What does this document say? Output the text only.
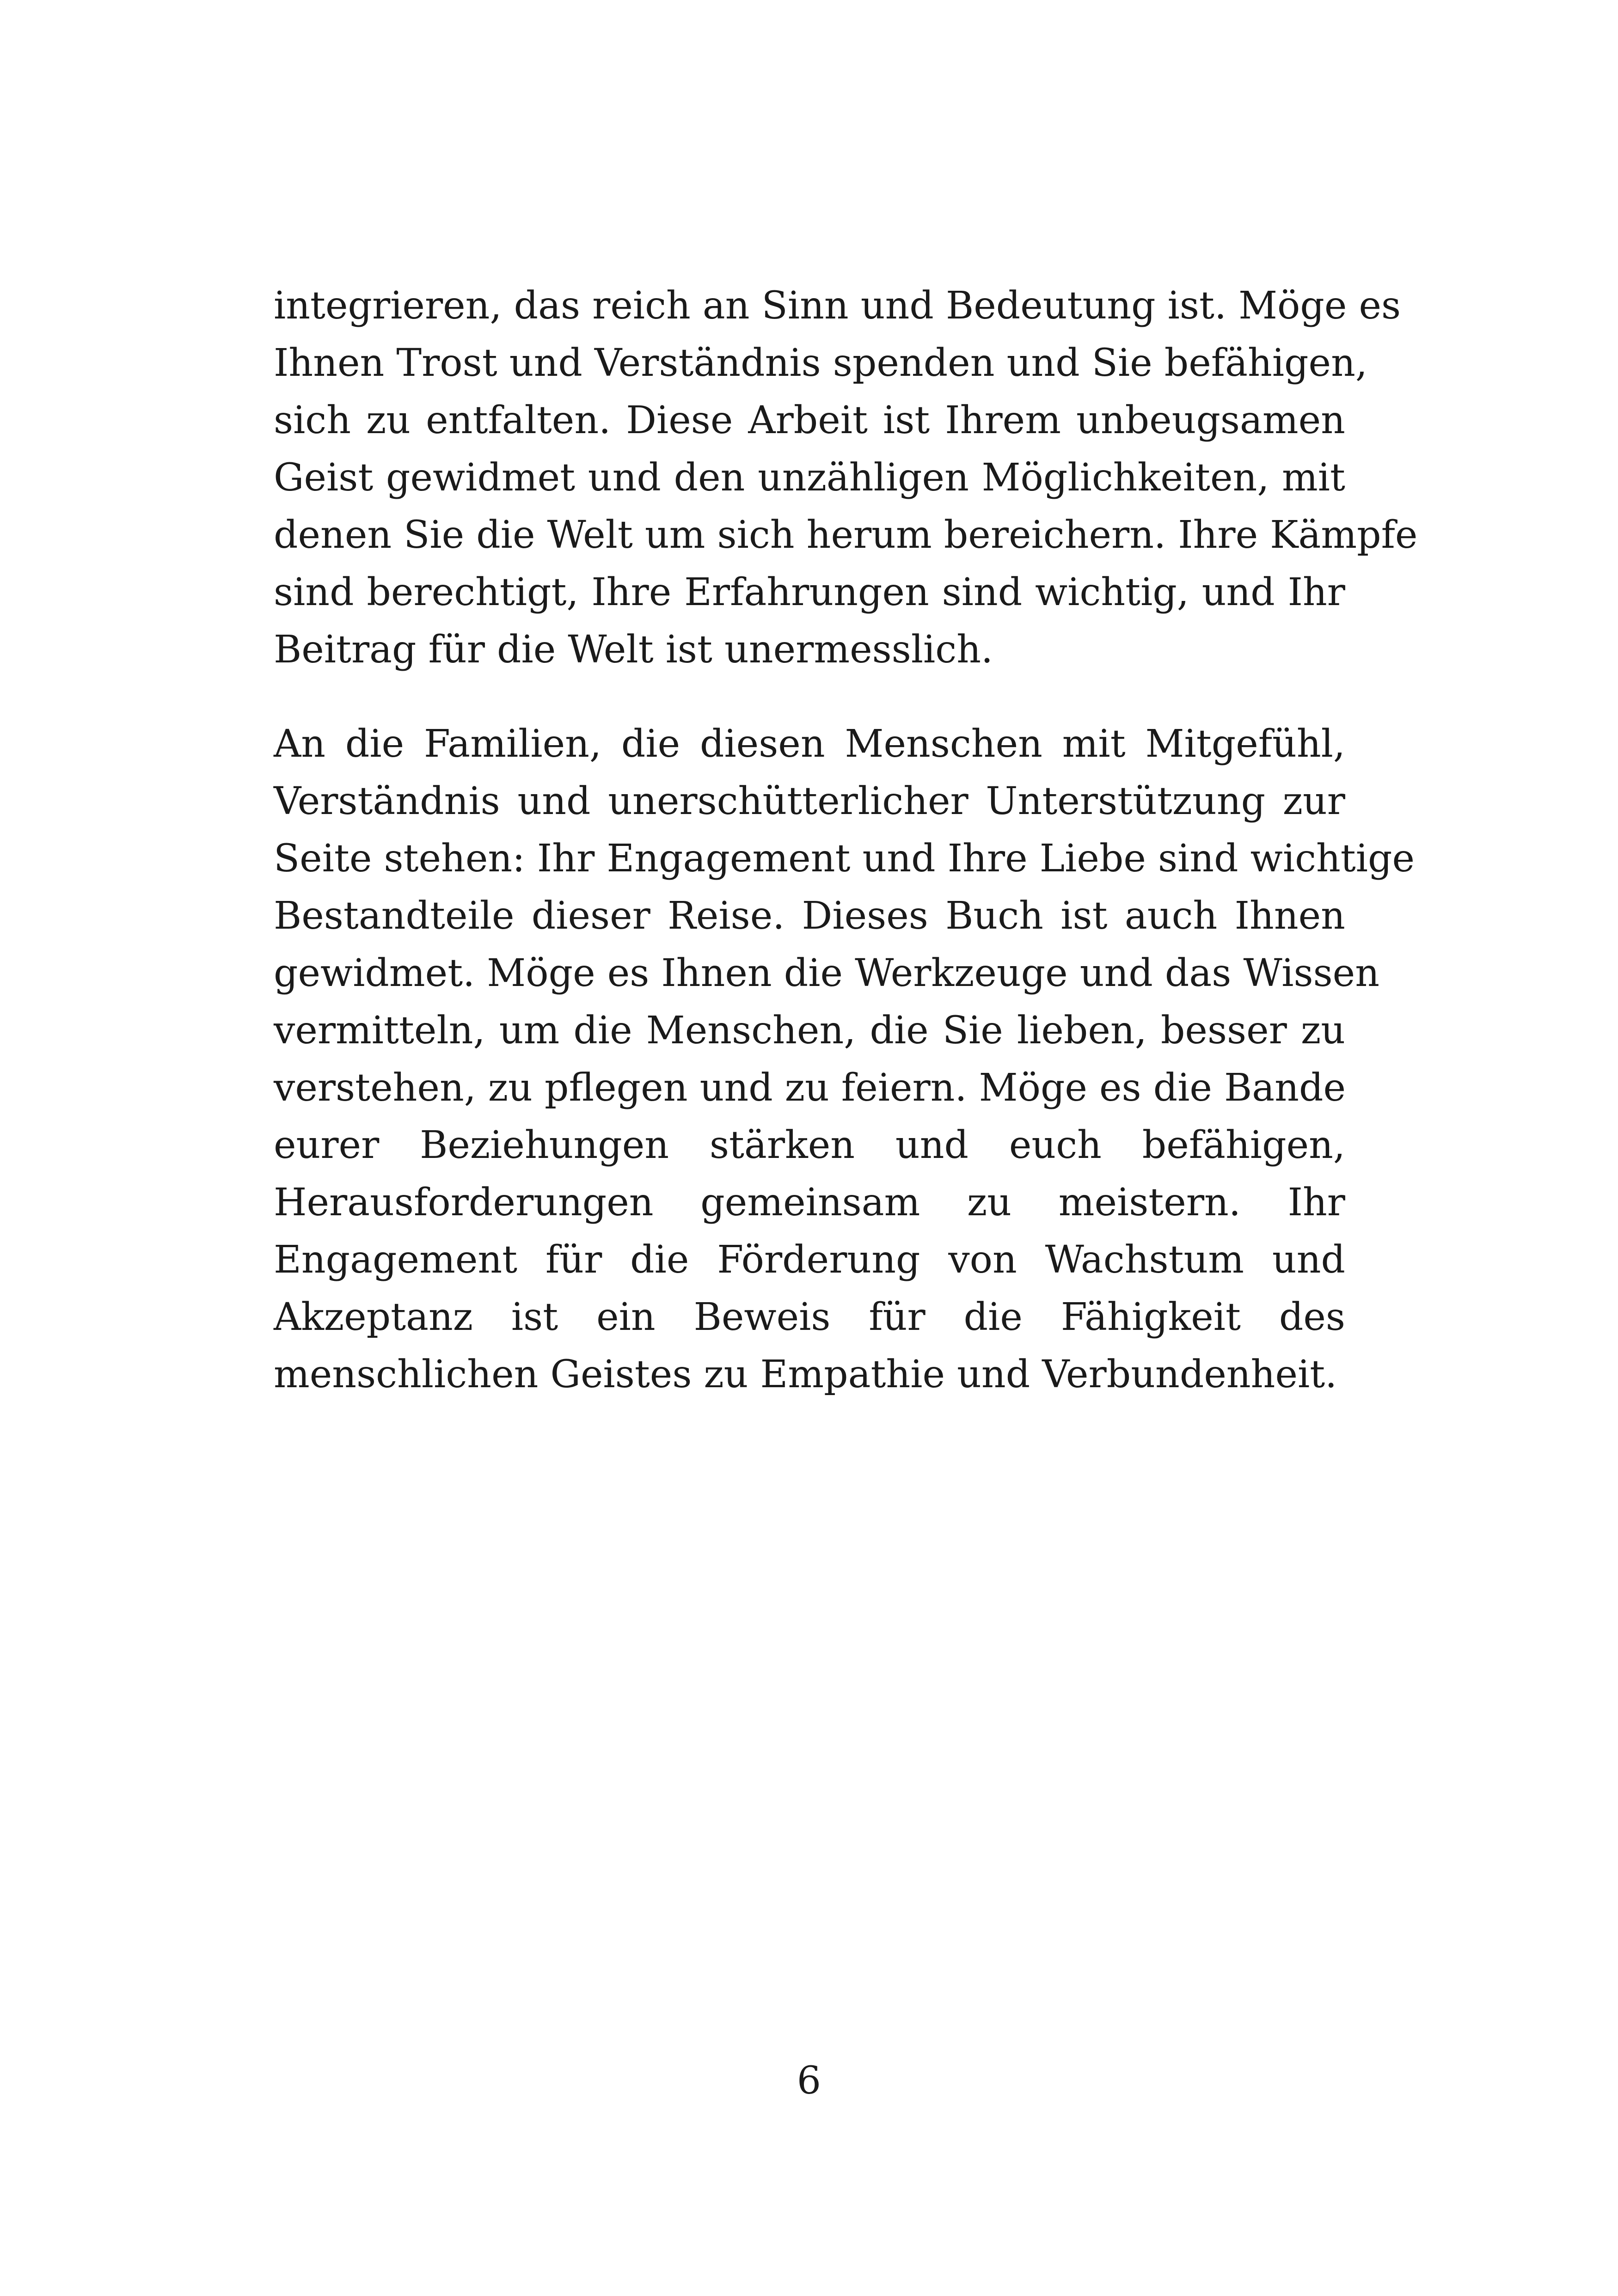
integrieren, das reich an Sinn und Bedeutung ist. Möge es
Ihnen Trost und Verständnis spenden und Sie befähigen,
sich zu entfalten. Diese Arbeit ist Ihrem unbeugsamen
Geist gewidmet und den unzähligen Möglichkeiten, mit
denen Sie die Welt um sich herum bereichern. Ihre Kämpfe
sind berechtigt, Ihre Erfahrungen sind wichtig, und Ihr
Beitrag für die Welt ist unermesslich.

An die Familien, die diesen Menschen mit Mitgefühl,
Verständnis und unerschütterlicher Unterstützung zur
Seite stehen: Ihr Engagement und Ihre Liebe sind wichtige
Bestandteile dieser Reise. Dieses Buch ist auch Ihnen
gewidmet. Möge es Ihnen die Werkzeuge und das Wissen
vermitteln, um die Menschen, die Sie lieben, besser zu
verstehen, zu pflegen und zu feiern. Möge es die Bande
eurer Beziehungen stärken und euch befähigen,
Herausforderungen gemeinsam zu meistern. Ihr
Engagement für die Förderung von Wachstum und
Akzeptanz ist ein Beweis für die Fähigkeit des
menschlichen Geistes zu Empathie und Verbundenheit.

6
